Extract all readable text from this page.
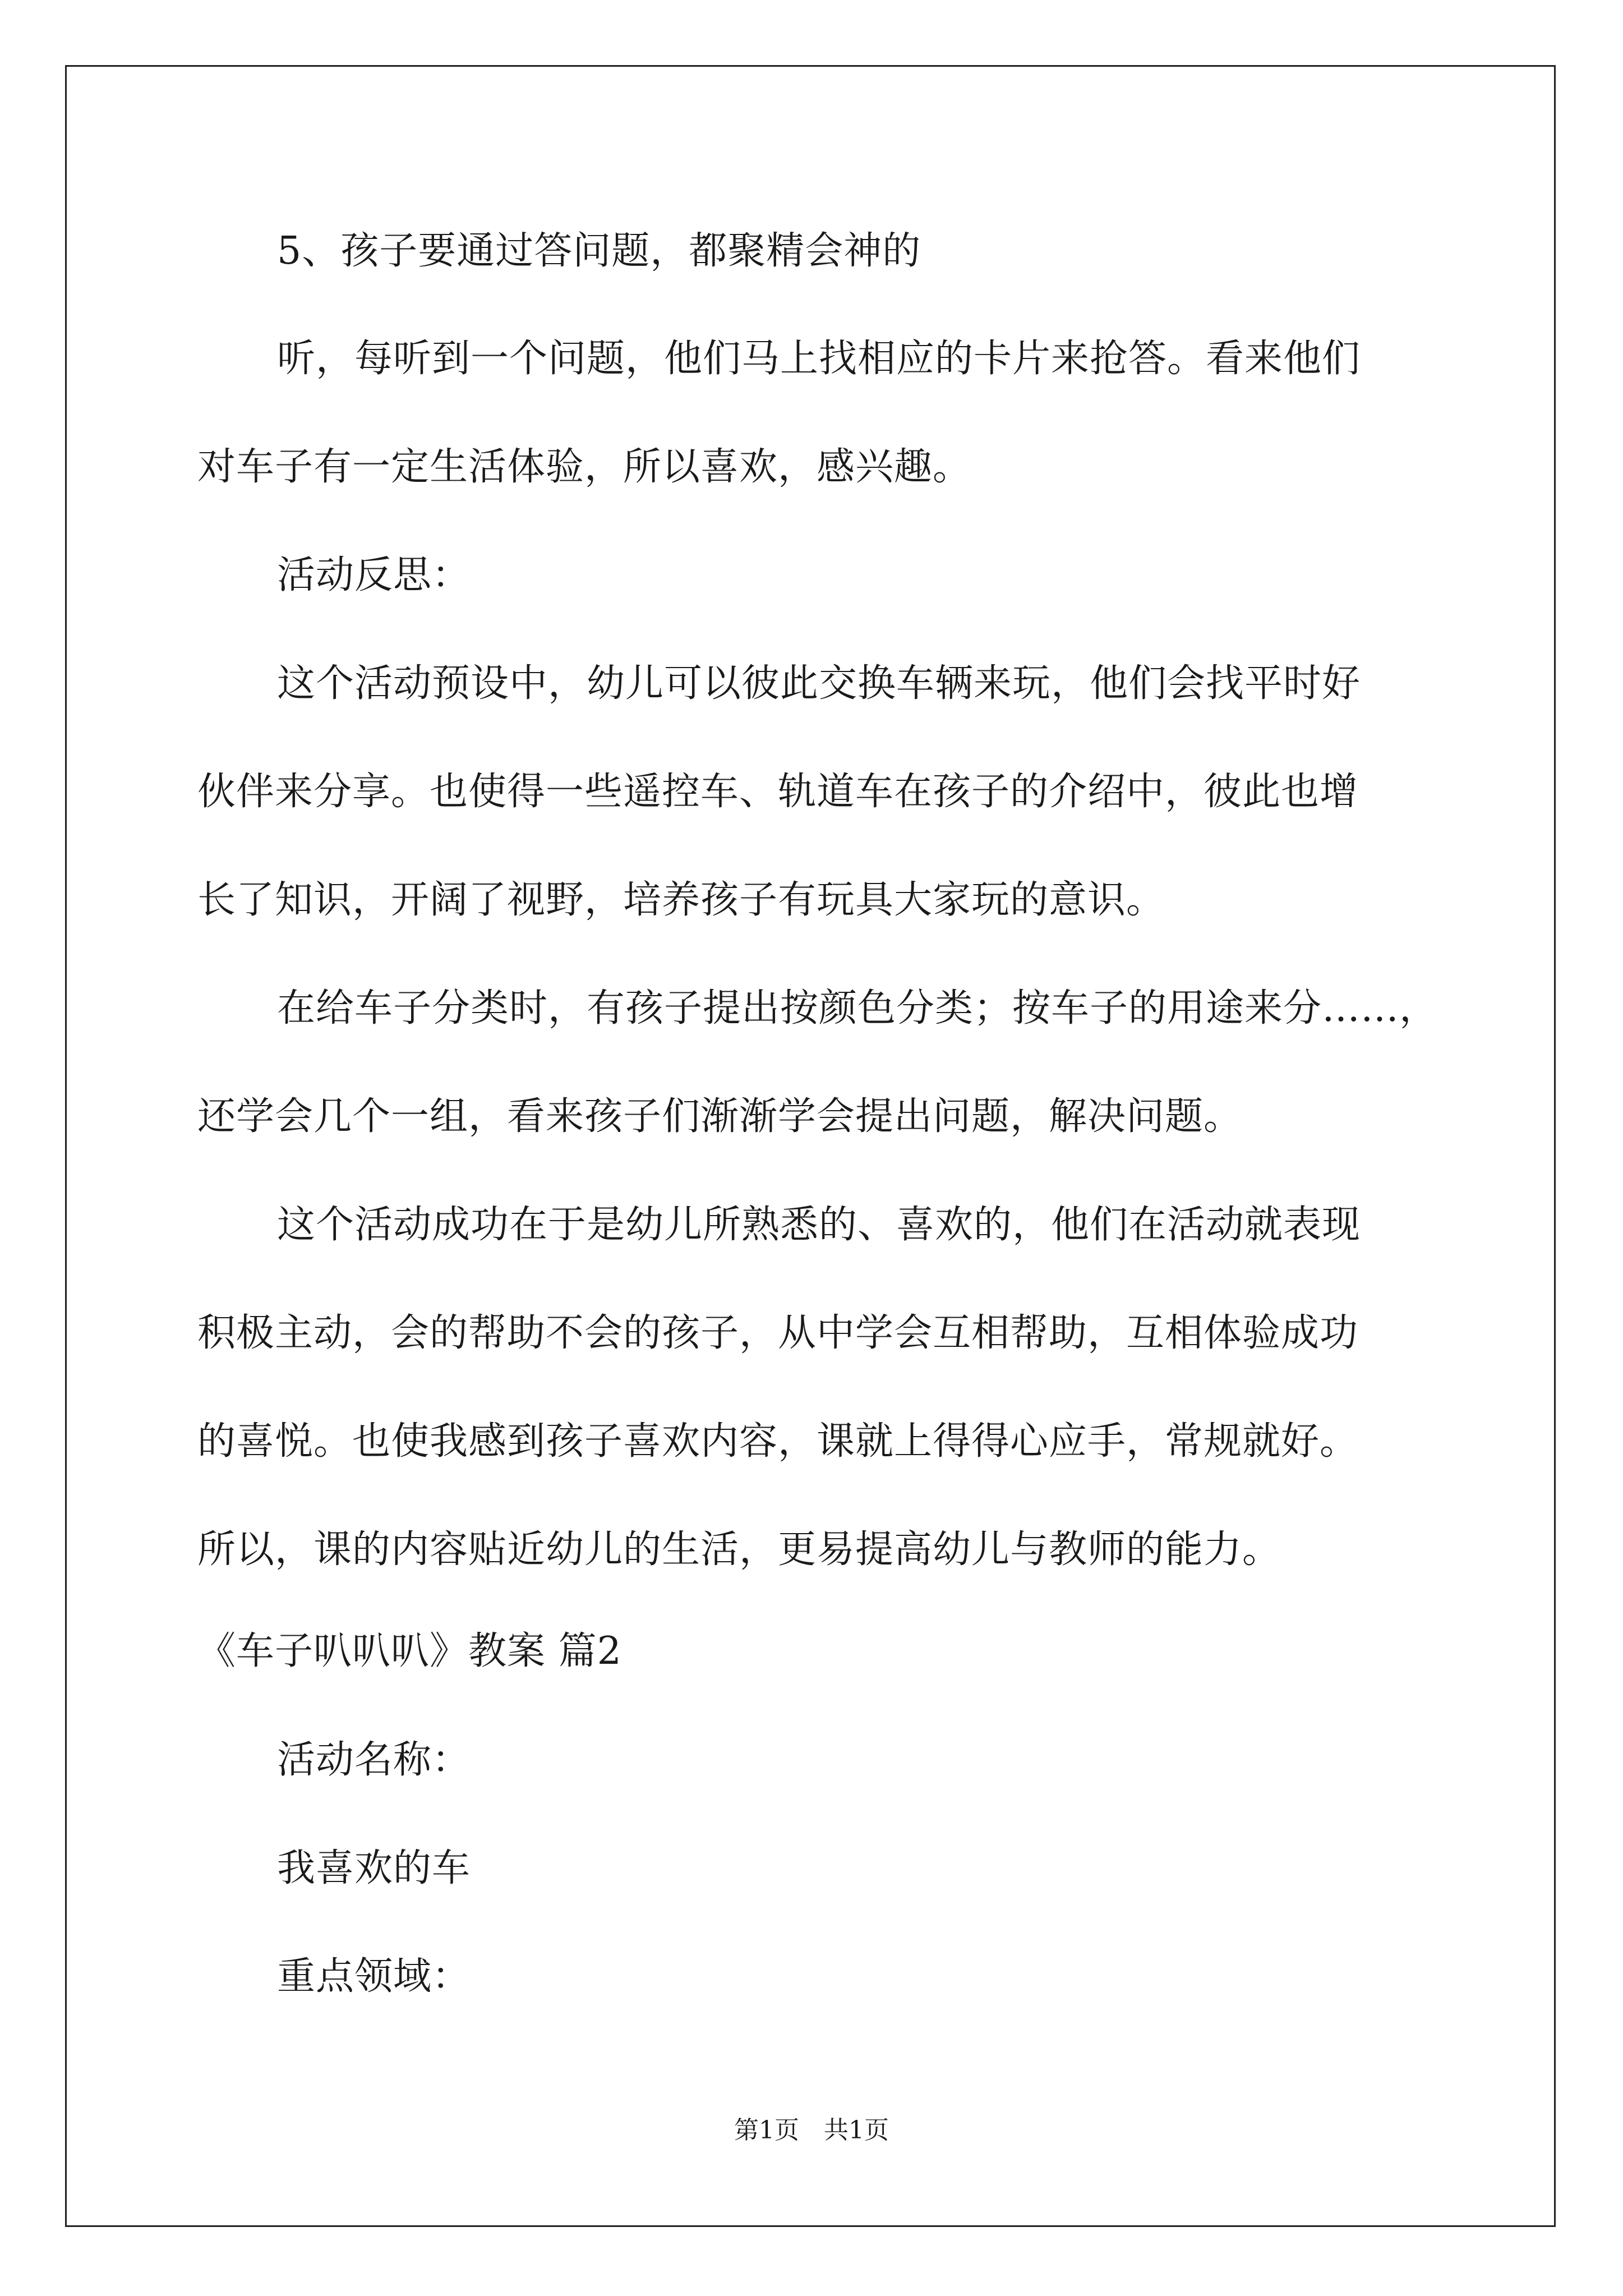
5、孩子要通过答问题，都聚精会神的
听，每听到一个问题，他们马上找相应的卡片来抢答。看来他们
对车子有一定生活体验，所以喜欢，感兴趣。
活动反思：
这个活动预设中，幼儿可以彼此交换车辆来玩，他们会找平时好
伙伴来分享。也使得一些遥控车、轨道车在孩子的介绍中，彼此也增
长了知识，开阔了视野，培养孩子有玩具大家玩的意识。
在给车子分类时，有孩子提出按颜色分类；按车子的用途来分……，
还学会几个一组，看来孩子们渐渐学会提出问题，解决问题。
这个活动成功在于是幼儿所熟悉的、喜欢的，他们在活动就表现
积极主动，会的帮助不会的孩子，从中学会互相帮助，互相体验成功
的喜悦。也使我感到孩子喜欢内容，课就上得得心应手，常规就好。
所以，课的内容贴近幼儿的生活，更易提高幼儿与教师的能力。
《车子叭叭叭》教案 篇2
活动名称：
我喜欢的车
重点领域：
第1页　共1页
